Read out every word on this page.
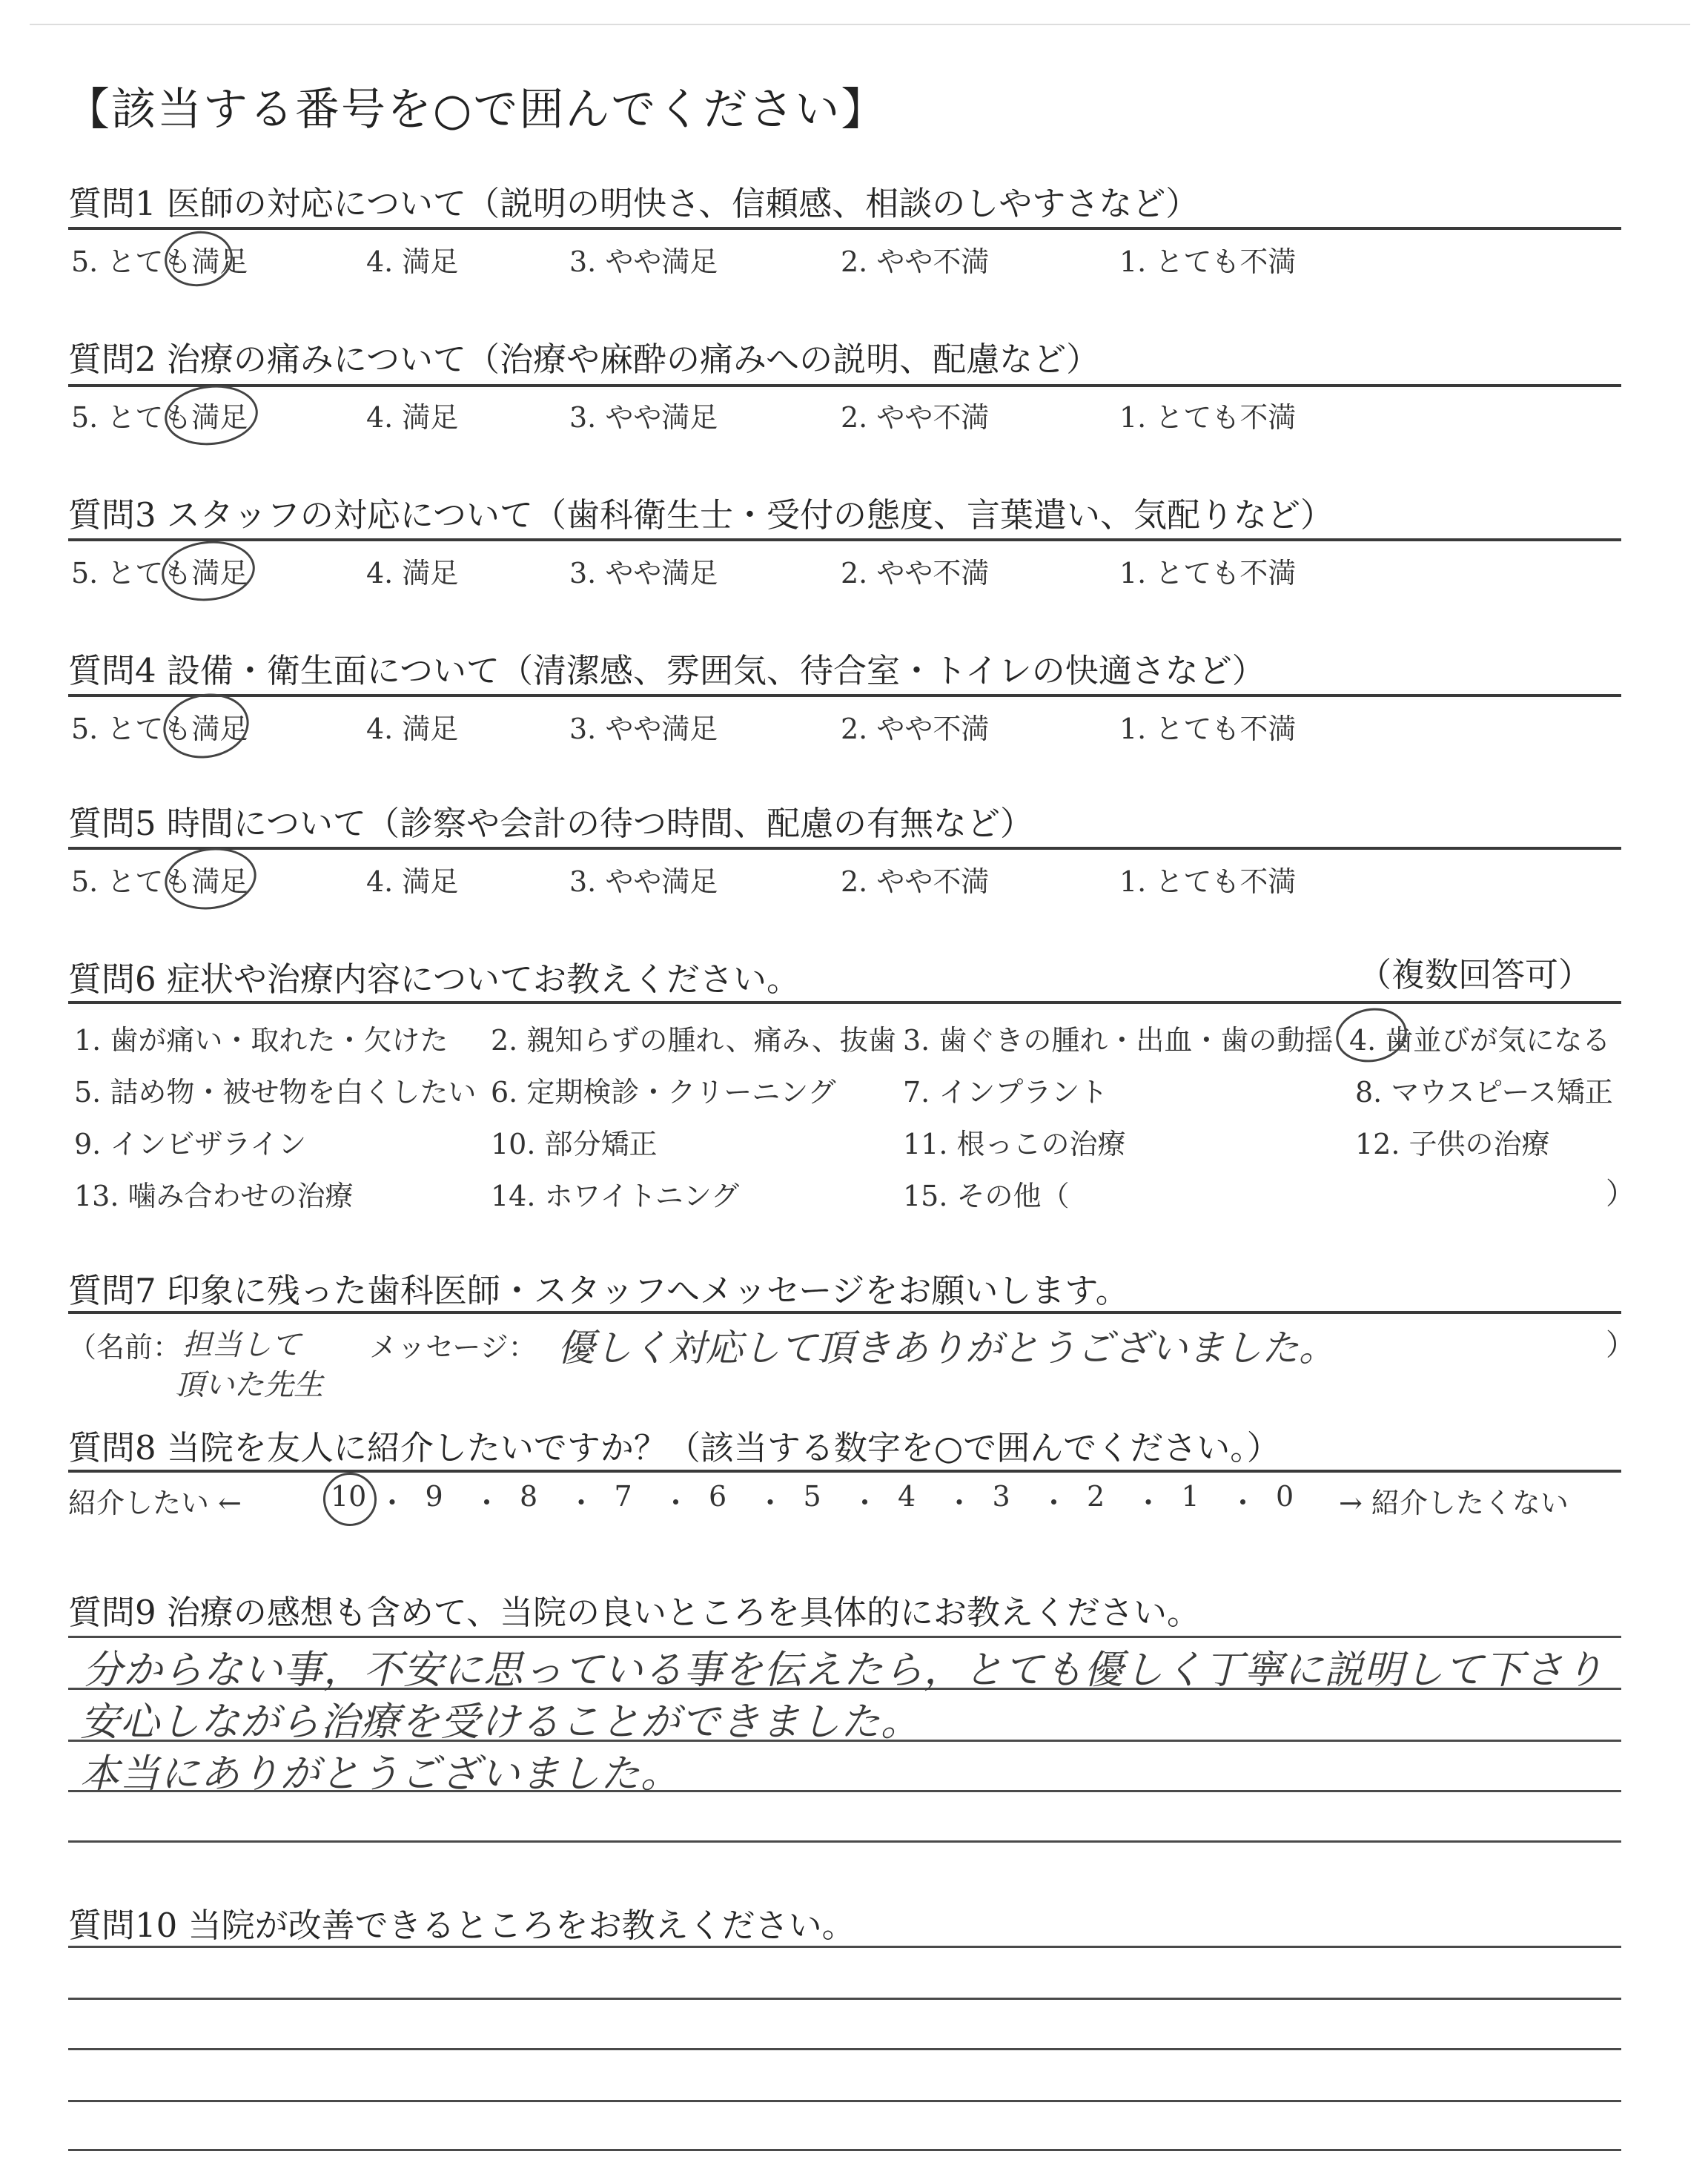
【該当する番号を○で囲んでください】
質問1 医師の対応について（説明の明快さ、信頼感、相談のしやすさなど）
5. とても満足	4. 満足	3. やや満足	2. やや不満	1. とても不満
質問2 治療の痛みについて（治療や麻酔の痛みへの説明、配慮など）
5. とても満足	4. 満足	3. やや満足	2. やや不満	1. とても不満
質問3 スタッフの対応について（歯科衛生士・受付の態度、言葉遣い、気配りなど）
5. とても満足	4. 満足	3. やや満足	2. やや不満	1. とても不満
質問4 設備・衛生面について（清潔感、雰囲気、待合室・トイレの快適さなど）
5. とても満足	4. 満足	3. やや満足	2. やや不満	1. とても不満
質問5 時間について（診察や会計の待つ時間、配慮の有無など）
5. とても満足	4. 満足	3. やや満足	2. やや不満	1. とても不満
質問6 症状や治療内容についてお教えください。	（複数回答可）
1. 歯が痛い・取れた・欠けた 2. 親知らずの腫れ、痛み、抜歯 3. 歯ぐきの腫れ・出血・歯の動揺 4. 歯並びが気になる
5. 詰め物・被せ物を白くしたい 6. 定期検診・クリーニング 7. インプラント	8. マウスピース矯正
9. インビザライン	10. 部分矯正	11. 根っこの治療	12. 子供の治療
13. 噛み合わせの治療	14. ホワイトニング	15. その他（	）
質問7 印象に残った歯科医師・スタッフへメッセージをお願いします。
（名前： 担当して
頂いた先生
メッセージ： 優しく対応して頂きありがとうございました。	）
質問8 当院を友人に紹介したいですか？（該当する数字を○で囲んでください。）
紹介したい ←	→ 紹介したくない
10 ・ 9 ・ 8 ・ 7 ・ 6 ・ 5 ・ 4 ・ 3 ・ 2 ・ 1 ・ 0
質問9 治療の感想も含めて、当院の良いところを具体的にお教えください。
分からない事，不安に思っている事を伝えたら，とても優しく丁寧に説明して下さり
安心しながら治療を受けることができました。
本当にありがとうございました。
質問10 当院が改善できるところをお教えください。
